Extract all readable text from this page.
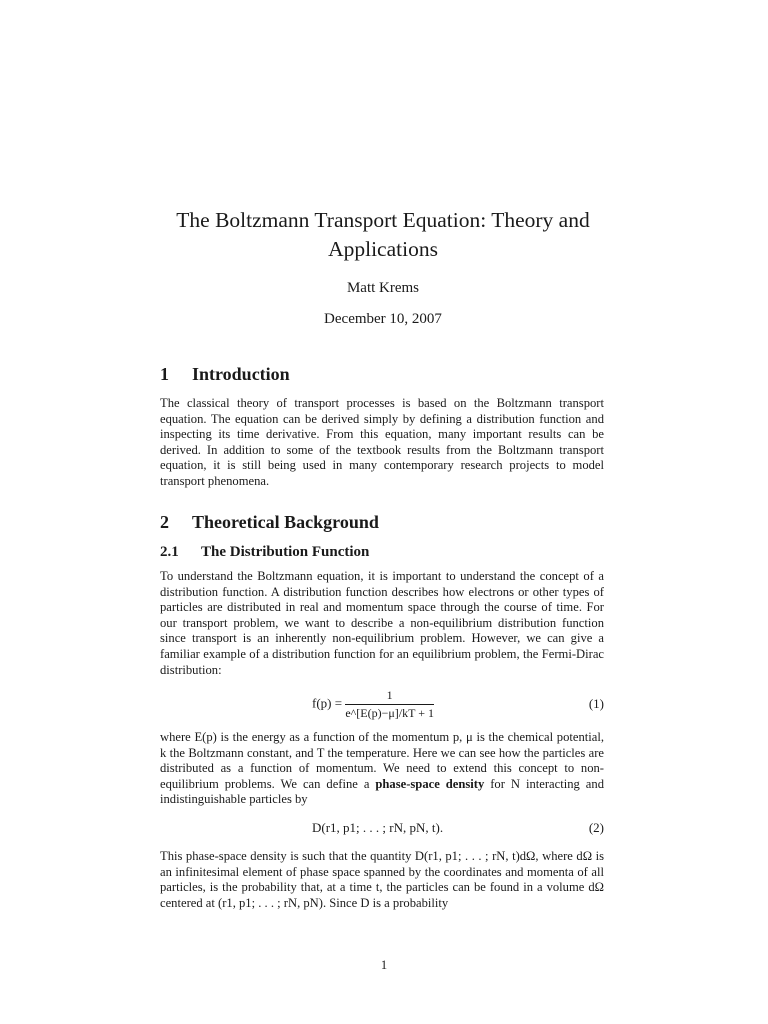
The Boltzmann Transport Equation: Theory and Applications
Matt Krems
December 10, 2007
1 Introduction
The classical theory of transport processes is based on the Boltzmann transport equation. The equation can be derived simply by defining a distribution function and inspecting its time derivative. From this equation, many important results can be derived. In addition to some of the textbook results from the Boltzmann transport equation, it is still being used in many contemporary research projects to model transport phenomena.
2 Theoretical Background
2.1 The Distribution Function
To understand the Boltzmann equation, it is important to understand the concept of a distribution function. A distribution function describes how electrons or other types of particles are distributed in real and momentum space through the course of time. For our transport problem, we want to describe a non-equilibrium distribution function since transport is an inherently non-equilibrium problem. However, we can give a familiar example of a distribution function for an equilibrium problem, the Fermi-Dirac distribution:
$f(p) = \frac{1}{e\^{}[E(p)-\mu]/kT + 1}$	(1)
where E(p) is the energy as a function of the momentum p, μ is the chemical potential, k the Boltzmann constant, and T the temperature. Here we can see how the particles are distributed as a function of momentum. We need to extend this concept to non-equilibrium problems. We can define a phase-space density for N interacting and indistinguishable particles by
D(r1, p1; . . . ; rN, pN, t).	(2)
This phase-space density is such that the quantity D(r1, p1; . . . ; rN, t)dΩ, where dΩ is an infinitesimal element of phase space spanned by the coordinates and momenta of all particles, is the probability that, at a time t, the particles can be found in a volume dΩ centered at (r1, p1; . . . ; rN, pN). Since D is a probability
1
